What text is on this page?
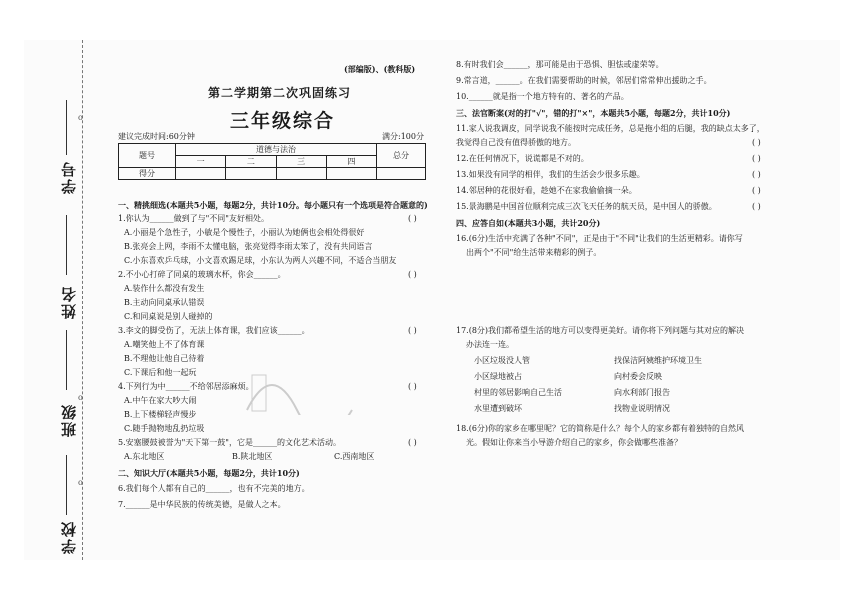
o
o
o
学号
姓名
班级
学校
(部编版)、(教科版)
第二学期第二次巩固练习
三年级综合
建议完成时间:60分钟	满分:100分
题号	道德与法治				总分
	一	二	三	四	
得分					
一、精挑细选(本题共5小题，每题2分，共计10分。每小题只有一个选项是符合题意的)
1.你认为______做到了与"不同"友好相处。	( )
A.小丽是个急性子，小敏是个慢性子，小丽认为她俩也会相处得很好
B.张亮会上网，李雨不太懂电脑，张亮觉得李雨太笨了，没有共同语言
C.小东喜欢乒乓球，小文喜欢踢足球，小东认为两人兴趣不同，不适合当朋友
2.不小心打碎了同桌的玻璃水杯，你会______。	( )
A.装作什么都没有发生
B.主动向同桌承认错误
C.和同桌说是别人碰掉的
3.李文的脚受伤了，无法上体育课，我们应该______。	( )
A.嘲笑他上不了体育课
B.不理他让他自己待着
C.下课后和他一起玩
4.下列行为中______不给邻居添麻烦。	( )
A.中午在家大吵大闹
B.上下楼梯轻声慢步
C.随手抛物地乱扔垃圾
5.安塞腰鼓被誉为"天下第一鼓"，它是______的文化艺术活动。	( )
A.东北地区	B.陕北地区	C.西南地区
二、知识大厅(本题共5小题，每题2分，共计10分)
6.我们每个人都有自己的______，也有不完美的地方。
7.______是中华民族的传统美德，是做人之本。
8.有时我们会______，那可能是由于恐惧、胆怯或虚荣等。
9.常言道，______。在我们需要帮助的时候，邻居们常常伸出援助之手。
10.______就是指一个地方特有的、著名的产品。
三、法官断案(对的打"√"，错的打"×"，本题共5小题，每题2分，共计10分)
11.家人说我调皮，同学说我不能按时完成任务，总是拖小组的后腿，我的缺点太多了，
我觉得自己没有值得骄傲的地方。	( )
12.在任何情况下，说谎都是不对的。	( )
13.如果没有同学的相伴，我们的生活会少很多乐趣。	( )
14.邻居种的花很好看，趁她不在家我偷偷摘一朵。	( )
15.景海鹏是中国首位顺利完成三次飞天任务的航天员，是中国人的骄傲。	( )
四、应答自如(本题共3小题，共计20分)
16.(6分)生活中充满了各种"不同"，正是由于"不同"让我们的生活更精彩。请你写
出两个"不同"给生活带来精彩的例子。
17.(8分)我们都希望生活的地方可以变得更美好。请你将下列问题与其对应的解决
办法连一连。
小区垃圾没人管
小区绿地被占
村里的邻居影响自己生活
水里遭到破坏
找保洁阿姨维护环境卫生
向村委会反映
向水利部门报告
找物业说明情况
18.(6分)你的家乡在哪里呢？它的简称是什么？每个人的家乡都有着独特的自然风
光。假如让你来当小导游介绍自己的家乡，你会做哪些准备？
